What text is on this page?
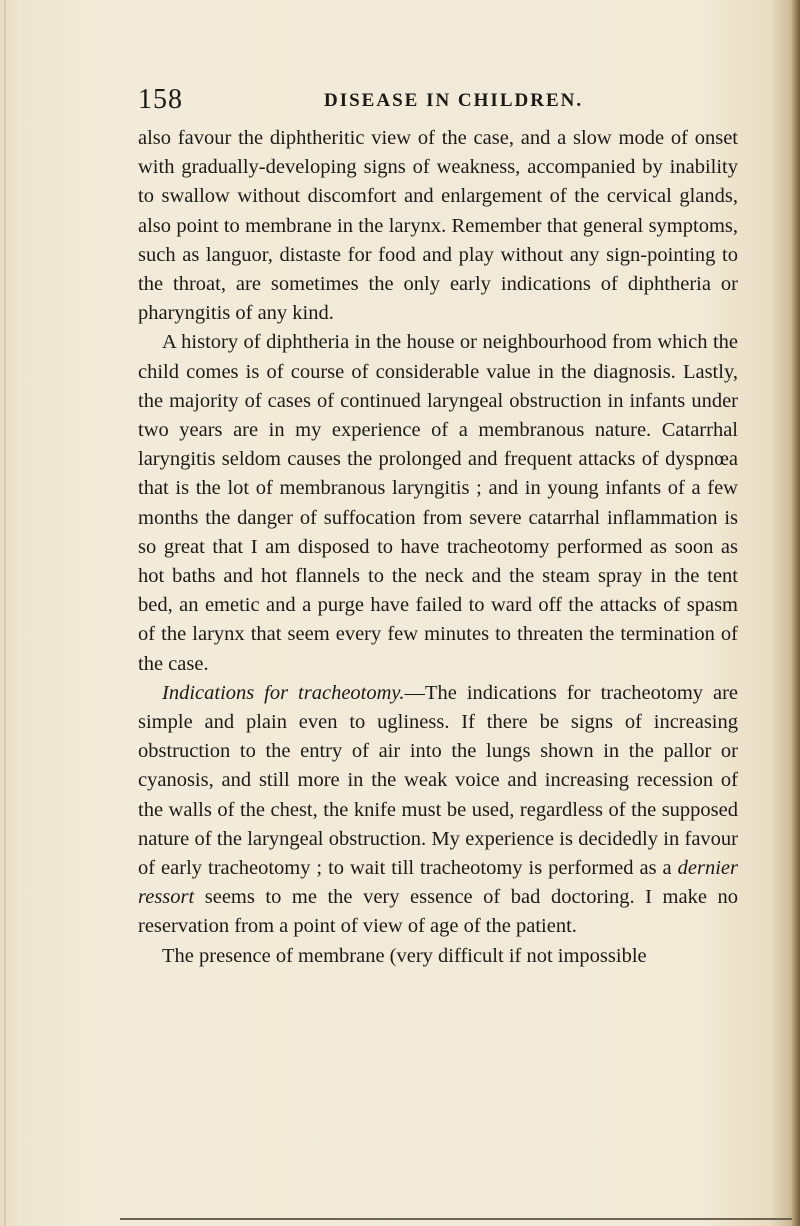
158	DISEASE IN CHILDREN.

also favour the diphtheritic view of the case, and a slow mode of onset with gradually-developing signs of weakness, accompanied by inability to swallow without discomfort and enlargement of the cervical glands, also point to membrane in the larynx. Remember that general symptoms, such as languor, distaste for food and play without any sign-pointing to the throat, are sometimes the only early indications of diphtheria or pharyngitis of any kind.

A history of diphtheria in the house or neighbourhood from which the child comes is of course of considerable value in the diagnosis. Lastly, the majority of cases of continued laryngeal obstruction in infants under two years are in my experience of a membranous nature. Catarrhal laryngitis seldom causes the prolonged and frequent attacks of dyspnœa that is the lot of membranous laryngitis ; and in young infants of a few months the danger of suffocation from severe catarrhal inflammation is so great that I am disposed to have tracheotomy performed as soon as hot baths and hot flannels to the neck and the steam spray in the tent bed, an emetic and a purge have failed to ward off the attacks of spasm of the larynx that seem every few minutes to threaten the termination of the case.

Indications for tracheotomy.—The indications for tracheotomy are simple and plain even to ugliness. If there be signs of increasing obstruction to the entry of air into the lungs shown in the pallor or cyanosis, and still more in the weak voice and increasing recession of the walls of the chest, the knife must be used, regardless of the supposed nature of the laryngeal obstruction. My experience is decidedly in favour of early tracheotomy ; to wait till tracheotomy is performed as a dernier ressort seems to me the very essence of bad doctoring. I make no reservation from a point of view of age of the patient.

The presence of membrane (very difficult if not impossible
